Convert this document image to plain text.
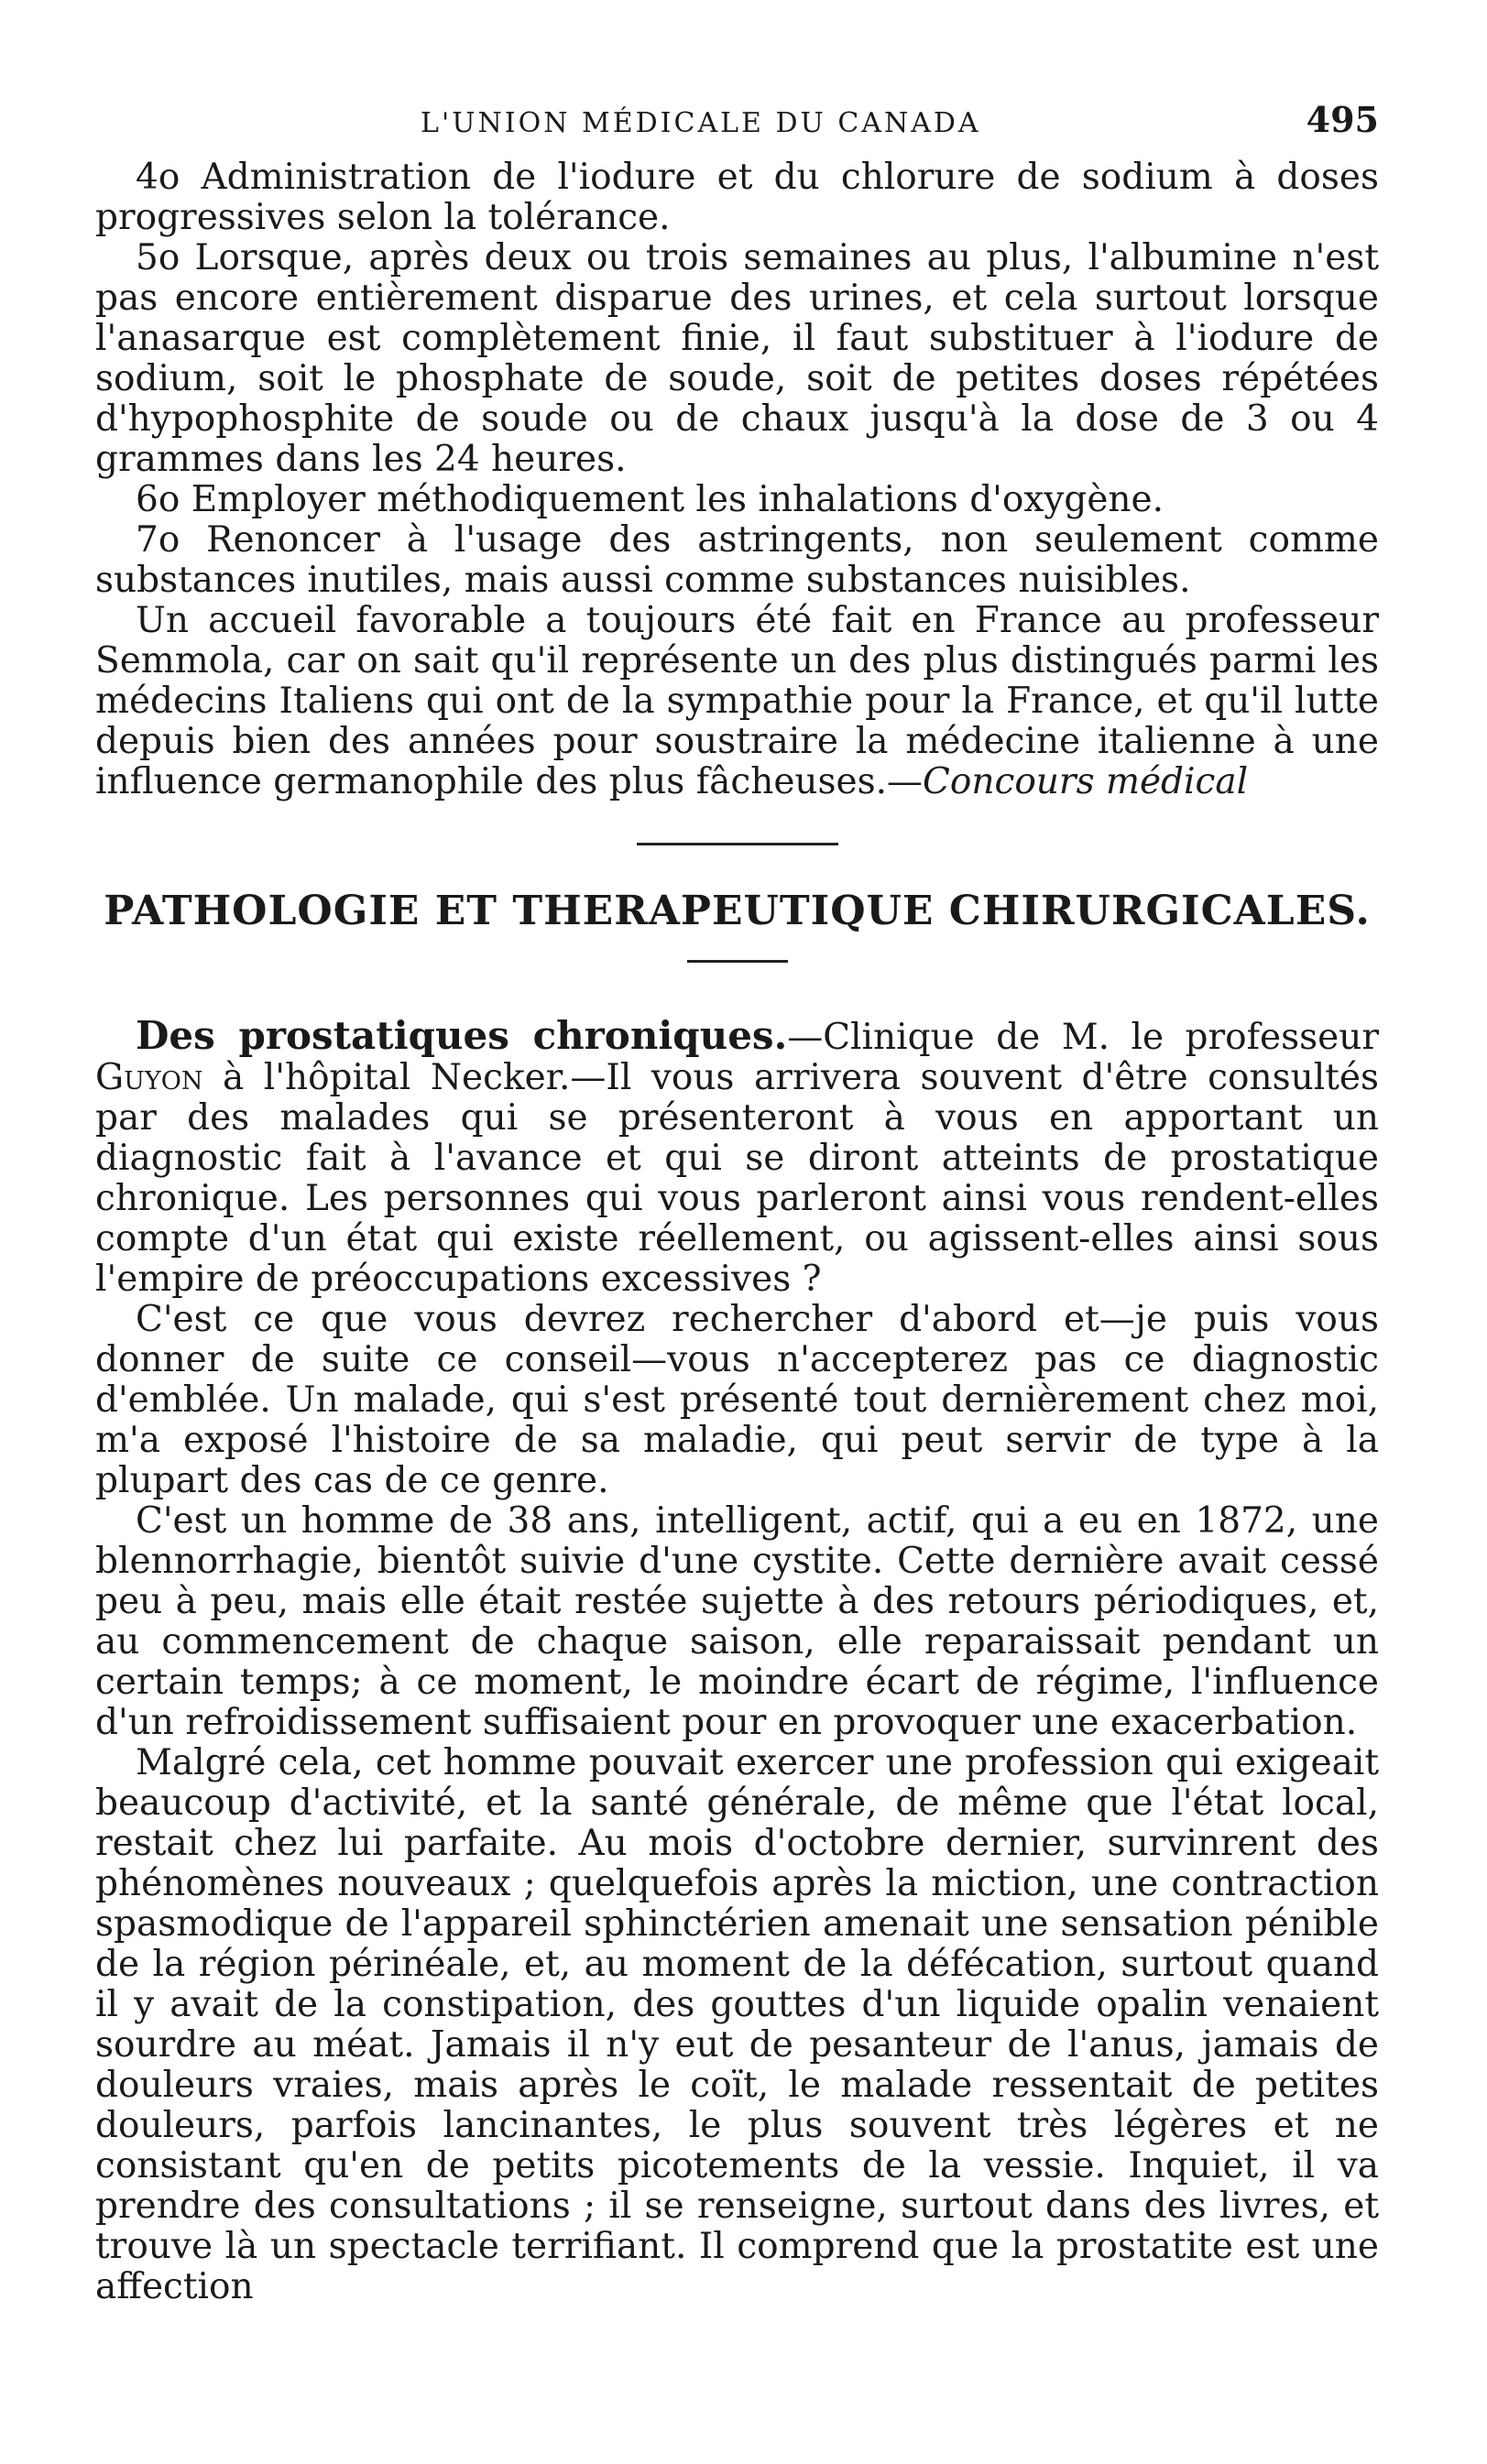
L'UNION MÉDICALE DU CANADA	495

4o Administration de l'iodure et du chlorure de sodium à doses progressives selon la tolérance.

5o Lorsque, après deux ou trois semaines au plus, l'albumine n'est pas encore entièrement disparue des urines, et cela surtout lorsque l'anasarque est complètement finie, il faut substituer à l'iodure de sodium, soit le phosphate de soude, soit de petites doses répétées d'hypophosphite de soude ou de chaux jusqu'à la dose de 3 ou 4 grammes dans les 24 heures.

6o Employer méthodiquement les inhalations d'oxygène.

7o Renoncer à l'usage des astringents, non seulement comme substances inutiles, mais aussi comme substances nuisibles.

Un accueil favorable a toujours été fait en France au professeur Semmola, car on sait qu'il représente un des plus distingués parmi les médecins Italiens qui ont de la sympathie pour la France, et qu'il lutte depuis bien des années pour soustraire la médecine italienne à une influence germanophile des plus fâcheuses.—Concours médical

PATHOLOGIE ET THERAPEUTIQUE CHIRURGICALES.

Des prostatiques chroniques.—Clinique de M. le professeur Guyon à l'hôpital Necker.—Il vous arrivera souvent d'être consultés par des malades qui se présenteront à vous en apportant un diagnostic fait à l'avance et qui se diront atteints de prostatique chronique. Les personnes qui vous parleront ainsi vous rendent-elles compte d'un état qui existe réellement, ou agissent-elles ainsi sous l'empire de préoccupations excessives ?

C'est ce que vous devrez rechercher d'abord et—je puis vous donner de suite ce conseil—vous n'accepterez pas ce diagnostic d'emblée. Un malade, qui s'est présenté tout dernièrement chez moi, m'a exposé l'histoire de sa maladie, qui peut servir de type à la plupart des cas de ce genre.

C'est un homme de 38 ans, intelligent, actif, qui a eu en 1872, une blennorrhagie, bientôt suivie d'une cystite. Cette dernière avait cessé peu à peu, mais elle était restée sujette à des retours périodiques, et, au commencement de chaque saison, elle reparaissait pendant un certain temps; à ce moment, le moindre écart de régime, l'influence d'un refroidissement suffisaient pour en provoquer une exacerbation.

Malgré cela, cet homme pouvait exercer une profession qui exigeait beaucoup d'activité, et la santé générale, de même que l'état local, restait chez lui parfaite. Au mois d'octobre dernier, survinrent des phénomènes nouveaux ; quelquefois après la miction, une contraction spasmodique de l'appareil sphinctérien amenait une sensation pénible de la région périnéale, et, au moment de la défécation, surtout quand il y avait de la constipation, des gouttes d'un liquide opalin venaient sourdre au méat. Jamais il n'y eut de pesanteur de l'anus, jamais de douleurs vraies, mais après le coït, le malade ressentait de petites douleurs, parfois lancinantes, le plus souvent très légères et ne consistant qu'en de petits picotements de la vessie. Inquiet, il va prendre des consultations ; il se renseigne, surtout dans des livres, et trouve là un spectacle terrifiant. Il comprend que la prostatite est une affection
